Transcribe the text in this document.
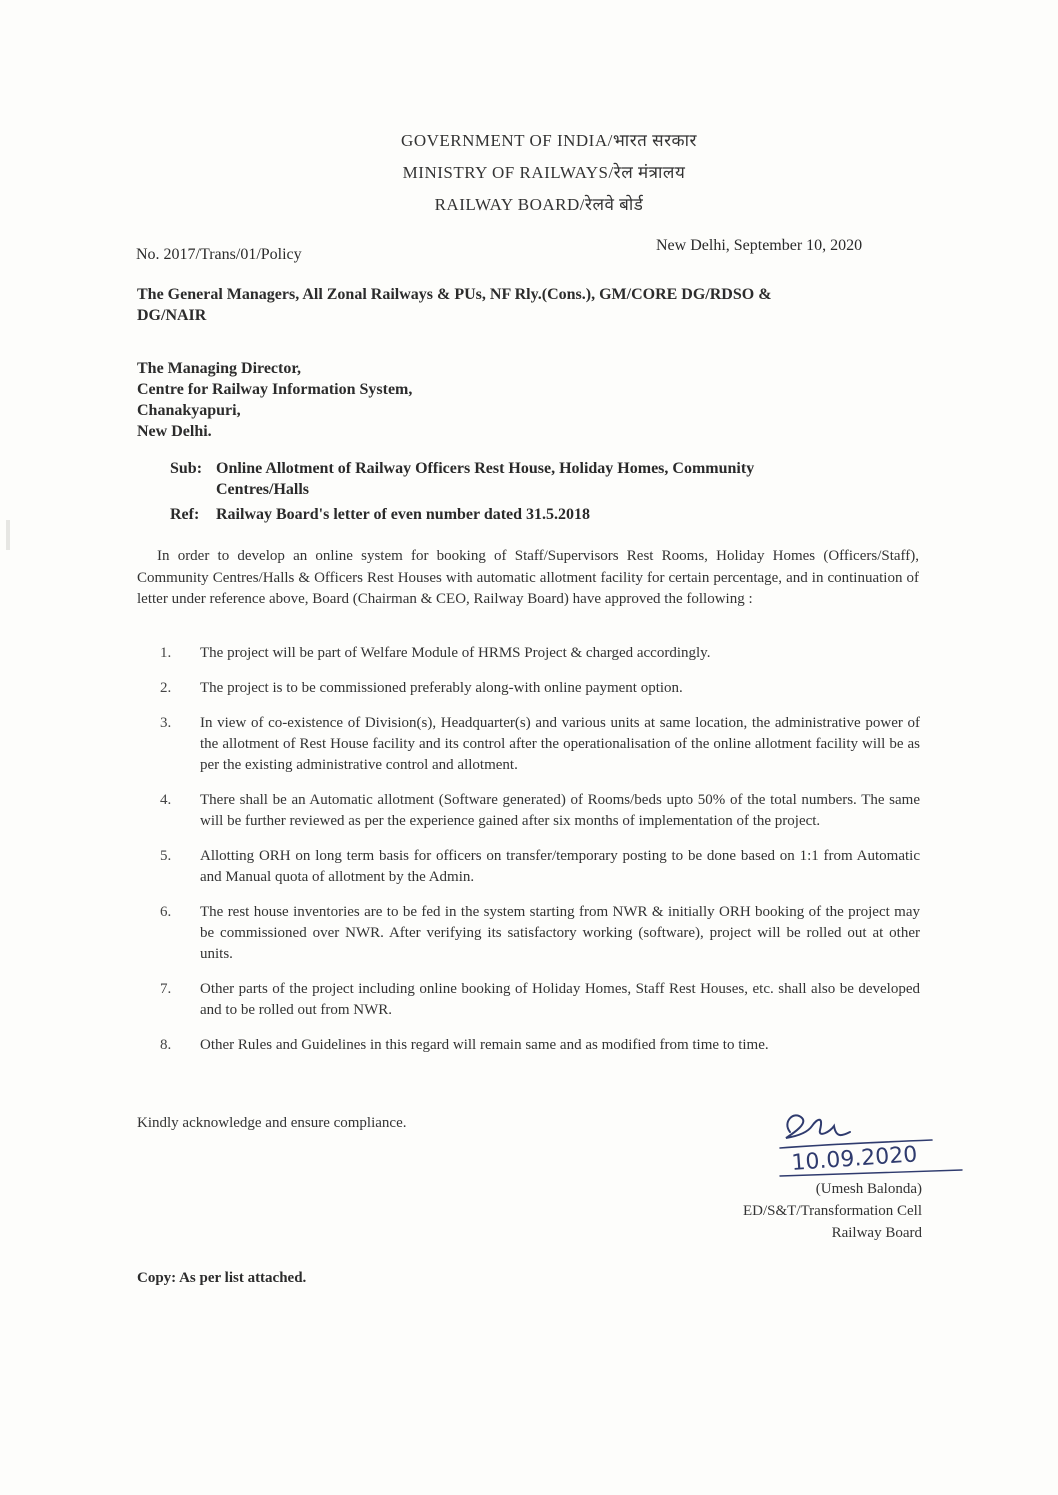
GOVERNMENT OF INDIA/भारत सरकार
MINISTRY OF RAILWAYS/रेल मंत्रालय
RAILWAY BOARD/रेलवे बोर्ड
No. 2017/Trans/01/Policy
New Delhi, September 10, 2020
The General Managers, All Zonal Railways & PUs, NF Rly.(Cons.), GM/CORE DG/RDSO & DG/NAIR
The Managing Director,
Centre for Railway Information System,
Chanakyapuri,
New Delhi.
Sub: Online Allotment of Railway Officers Rest House, Holiday Homes, Community
Centres/Halls
Ref: Railway Board's letter of even number dated 31.5.2018
In order to develop an online system for booking of Staff/Supervisors Rest Rooms, Holiday Homes (Officers/Staff), Community Centres/Halls & Officers Rest Houses with automatic allotment facility for certain percentage, and in continuation of letter under reference above, Board (Chairman & CEO, Railway Board) have approved the following :
1.	The project will be part of Welfare Module of HRMS Project & charged accordingly.
2.	The project is to be commissioned preferably along-with online payment option.
3.	In view of co-existence of Division(s), Headquarter(s) and various units at same location, the administrative power of the allotment of Rest House facility and its control after the operationalisation of the online allotment facility will be as per the existing administrative control and allotment.
4.	There shall be an Automatic allotment (Software generated) of Rooms/beds upto 50% of the total numbers. The same will be further reviewed as per the experience gained after six months of implementation of the project.
5.	Allotting ORH on long term basis for officers on transfer/temporary posting to be done based on 1:1 from Automatic and Manual quota of allotment by the Admin.
6.	The rest house inventories are to be fed in the system starting from NWR & initially ORH booking of the project may be commissioned over NWR. After verifying its satisfactory working (software), project will be rolled out at other units.
7.	Other parts of the project including online booking of Holiday Homes, Staff Rest Houses, etc. shall also be developed and to be rolled out from NWR.
8.	Other Rules and Guidelines in this regard will remain same and as modified from time to time.
Kindly acknowledge and ensure compliance.
10.09.2020
(Umesh Balonda)
ED/S&T/Transformation Cell
Railway Board
Copy: As per list attached.
